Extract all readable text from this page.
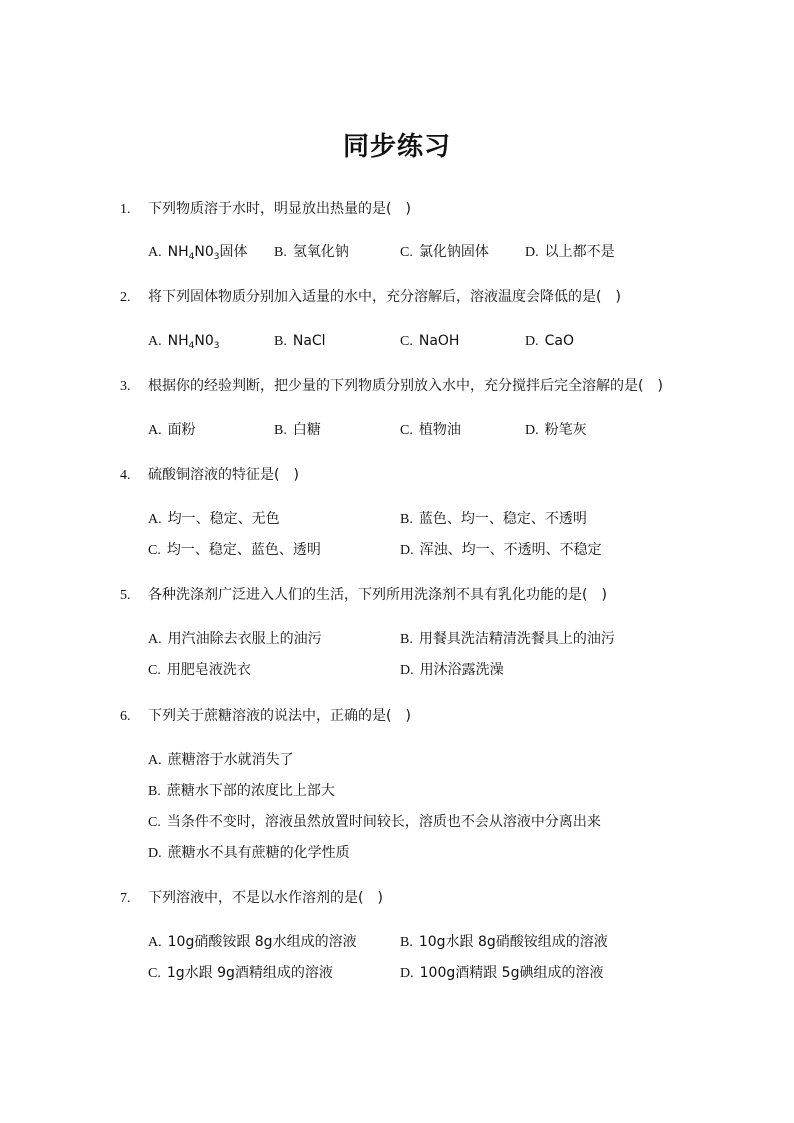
同步练习
1. 下列物质溶于水时，明显放出热量的是(　)
A. $NH_4N0_3$固体 B. 氢氧化钠	C. 氯化钠固体	D. 以上都不是
2. 将下列固体物质分别加入适量的水中，充分溶解后，溶液温度会降低的是(　)
A. $NH_4N0_3$	B. NaCl	C. NaOH	D. CaO
3. 根据你的经验判断，把少量的下列物质分别放入水中，充分搅拌后完全溶解的是(　)
A. 面粉	B. 白糖	C. 植物油	D. 粉笔灰
4. 硫酸铜溶液的特征是(　)
A. 均一、稳定、无色	B. 蓝色、均一、稳定、不透明
C. 均一、稳定、蓝色、透明	D. 浑浊、均一、不透明、不稳定
5. 各种洗涤剂广泛进入人们的生活，下列所用洗涤剂不具有乳化功能的是(　)
A. 用汽油除去衣服上的油污	B. 用餐具洗洁精清洗餐具上的油污
C. 用肥皂液洗衣	D. 用沐浴露洗澡
6. 下列关于蔗糖溶液的说法中，正确的是(　)
A. 蔗糖溶于水就消失了
B. 蔗糖水下部的浓度比上部大
C. 当条件不变时，溶液虽然放置时间较长，溶质也不会从溶液中分离出来
D. 蔗糖水不具有蔗糖的化学性质
7. 下列溶液中，不是以水作溶剂的是(　)
A. 10g硝酸铵跟 8g水组成的溶液	B. 10g水跟 8g硝酸铵组成的溶液
C. 1g水跟 9g酒精组成的溶液	D. 100g酒精跟 5g碘组成的溶液
